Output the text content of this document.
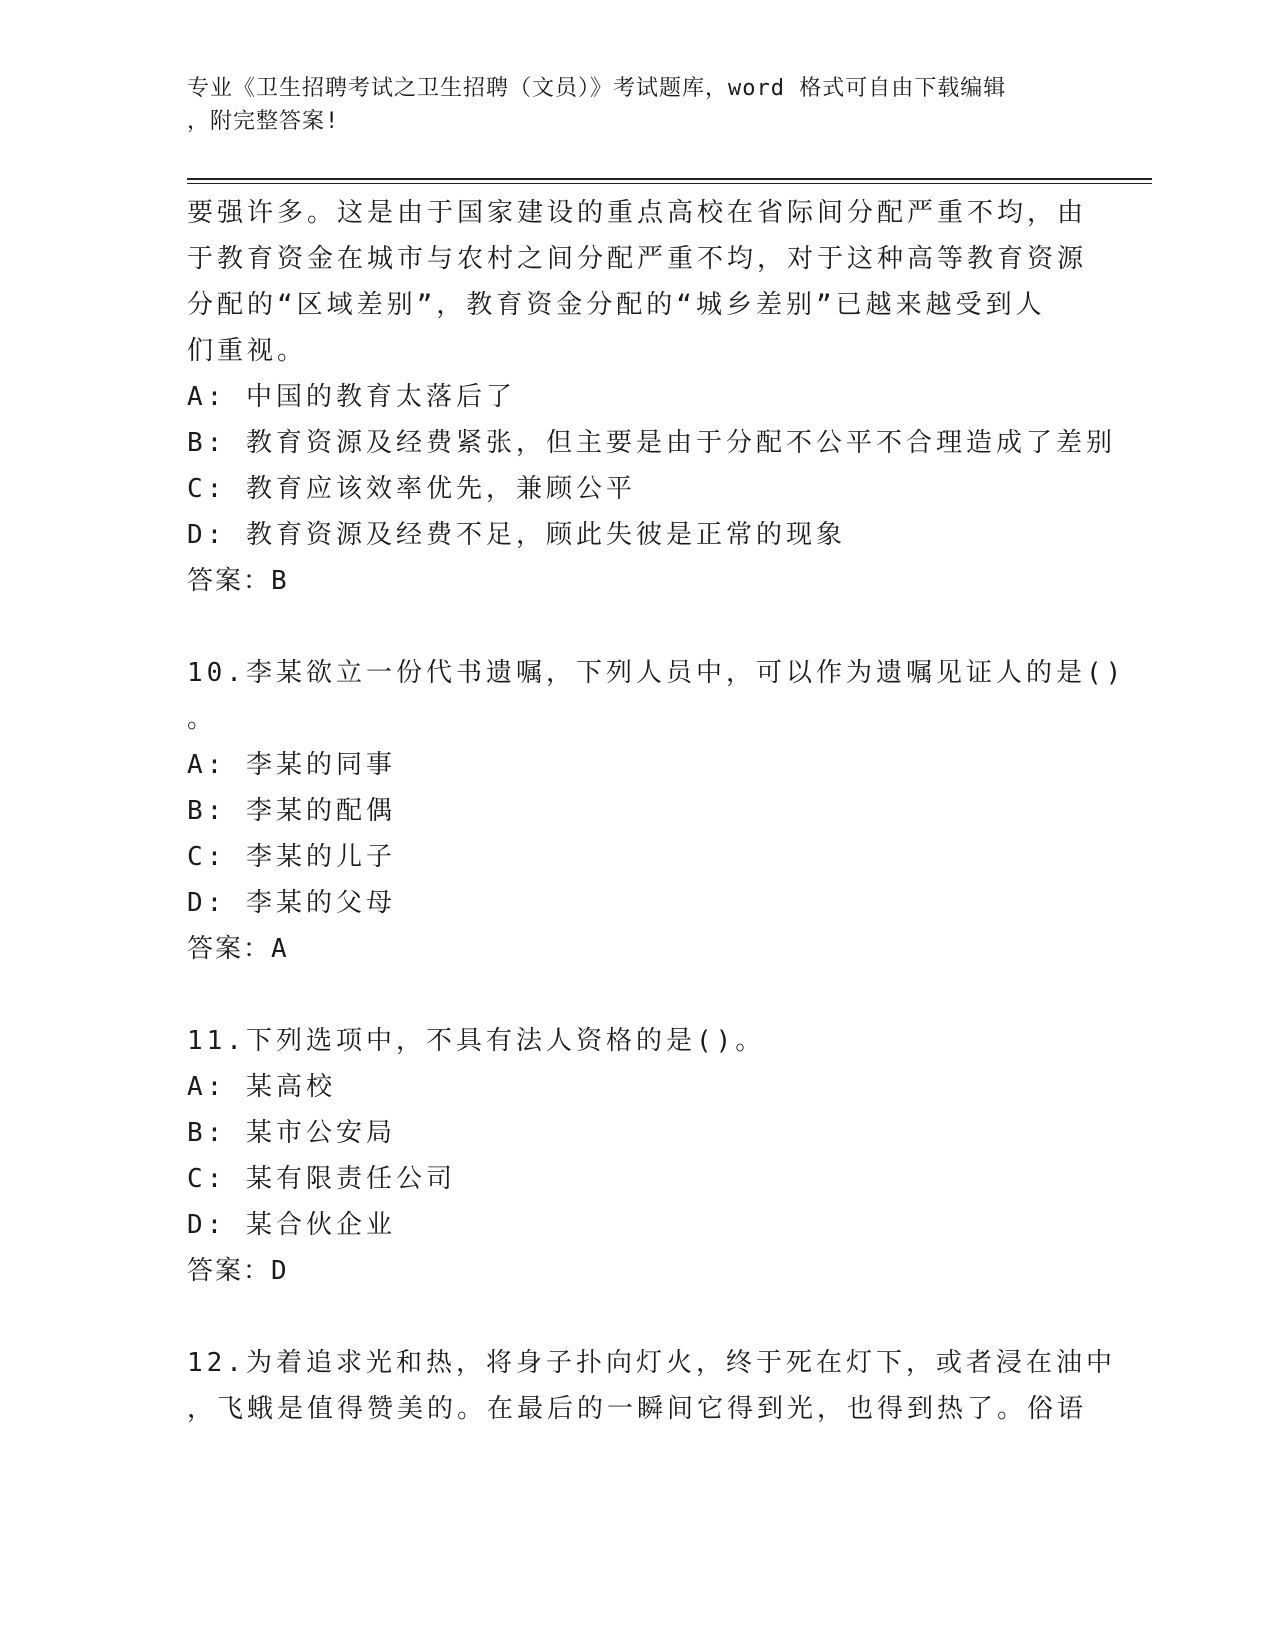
专业《卫生招聘考试之卫生招聘（文员）》考试题库，word 格式可自由下载编辑
，附完整答案!
要强许多。这是由于国家建设的重点高校在省际间分配严重不均，由
于教育资金在城市与农村之间分配严重不均，对于这种高等教育资源
分配的“区域差别”，教育资金分配的“城乡差别”已越来越受到人
们重视。
A: 中国的教育太落后了
B: 教育资源及经费紧张，但主要是由于分配不公平不合理造成了差别
C: 教育应该效率优先，兼顾公平
D: 教育资源及经费不足，顾此失彼是正常的现象
答案：B
10.李某欲立一份代书遗嘱，下列人员中，可以作为遗嘱见证人的是()
。
A: 李某的同事
B: 李某的配偶
C: 李某的儿子
D: 李某的父母
答案：A
11.下列选项中，不具有法人资格的是()。
A: 某高校
B: 某市公安局
C: 某有限责任公司
D: 某合伙企业
答案：D
12.为着追求光和热，将身子扑向灯火，终于死在灯下，或者浸在油中
，飞蛾是值得赞美的。在最后的一瞬间它得到光，也得到热了。俗语
